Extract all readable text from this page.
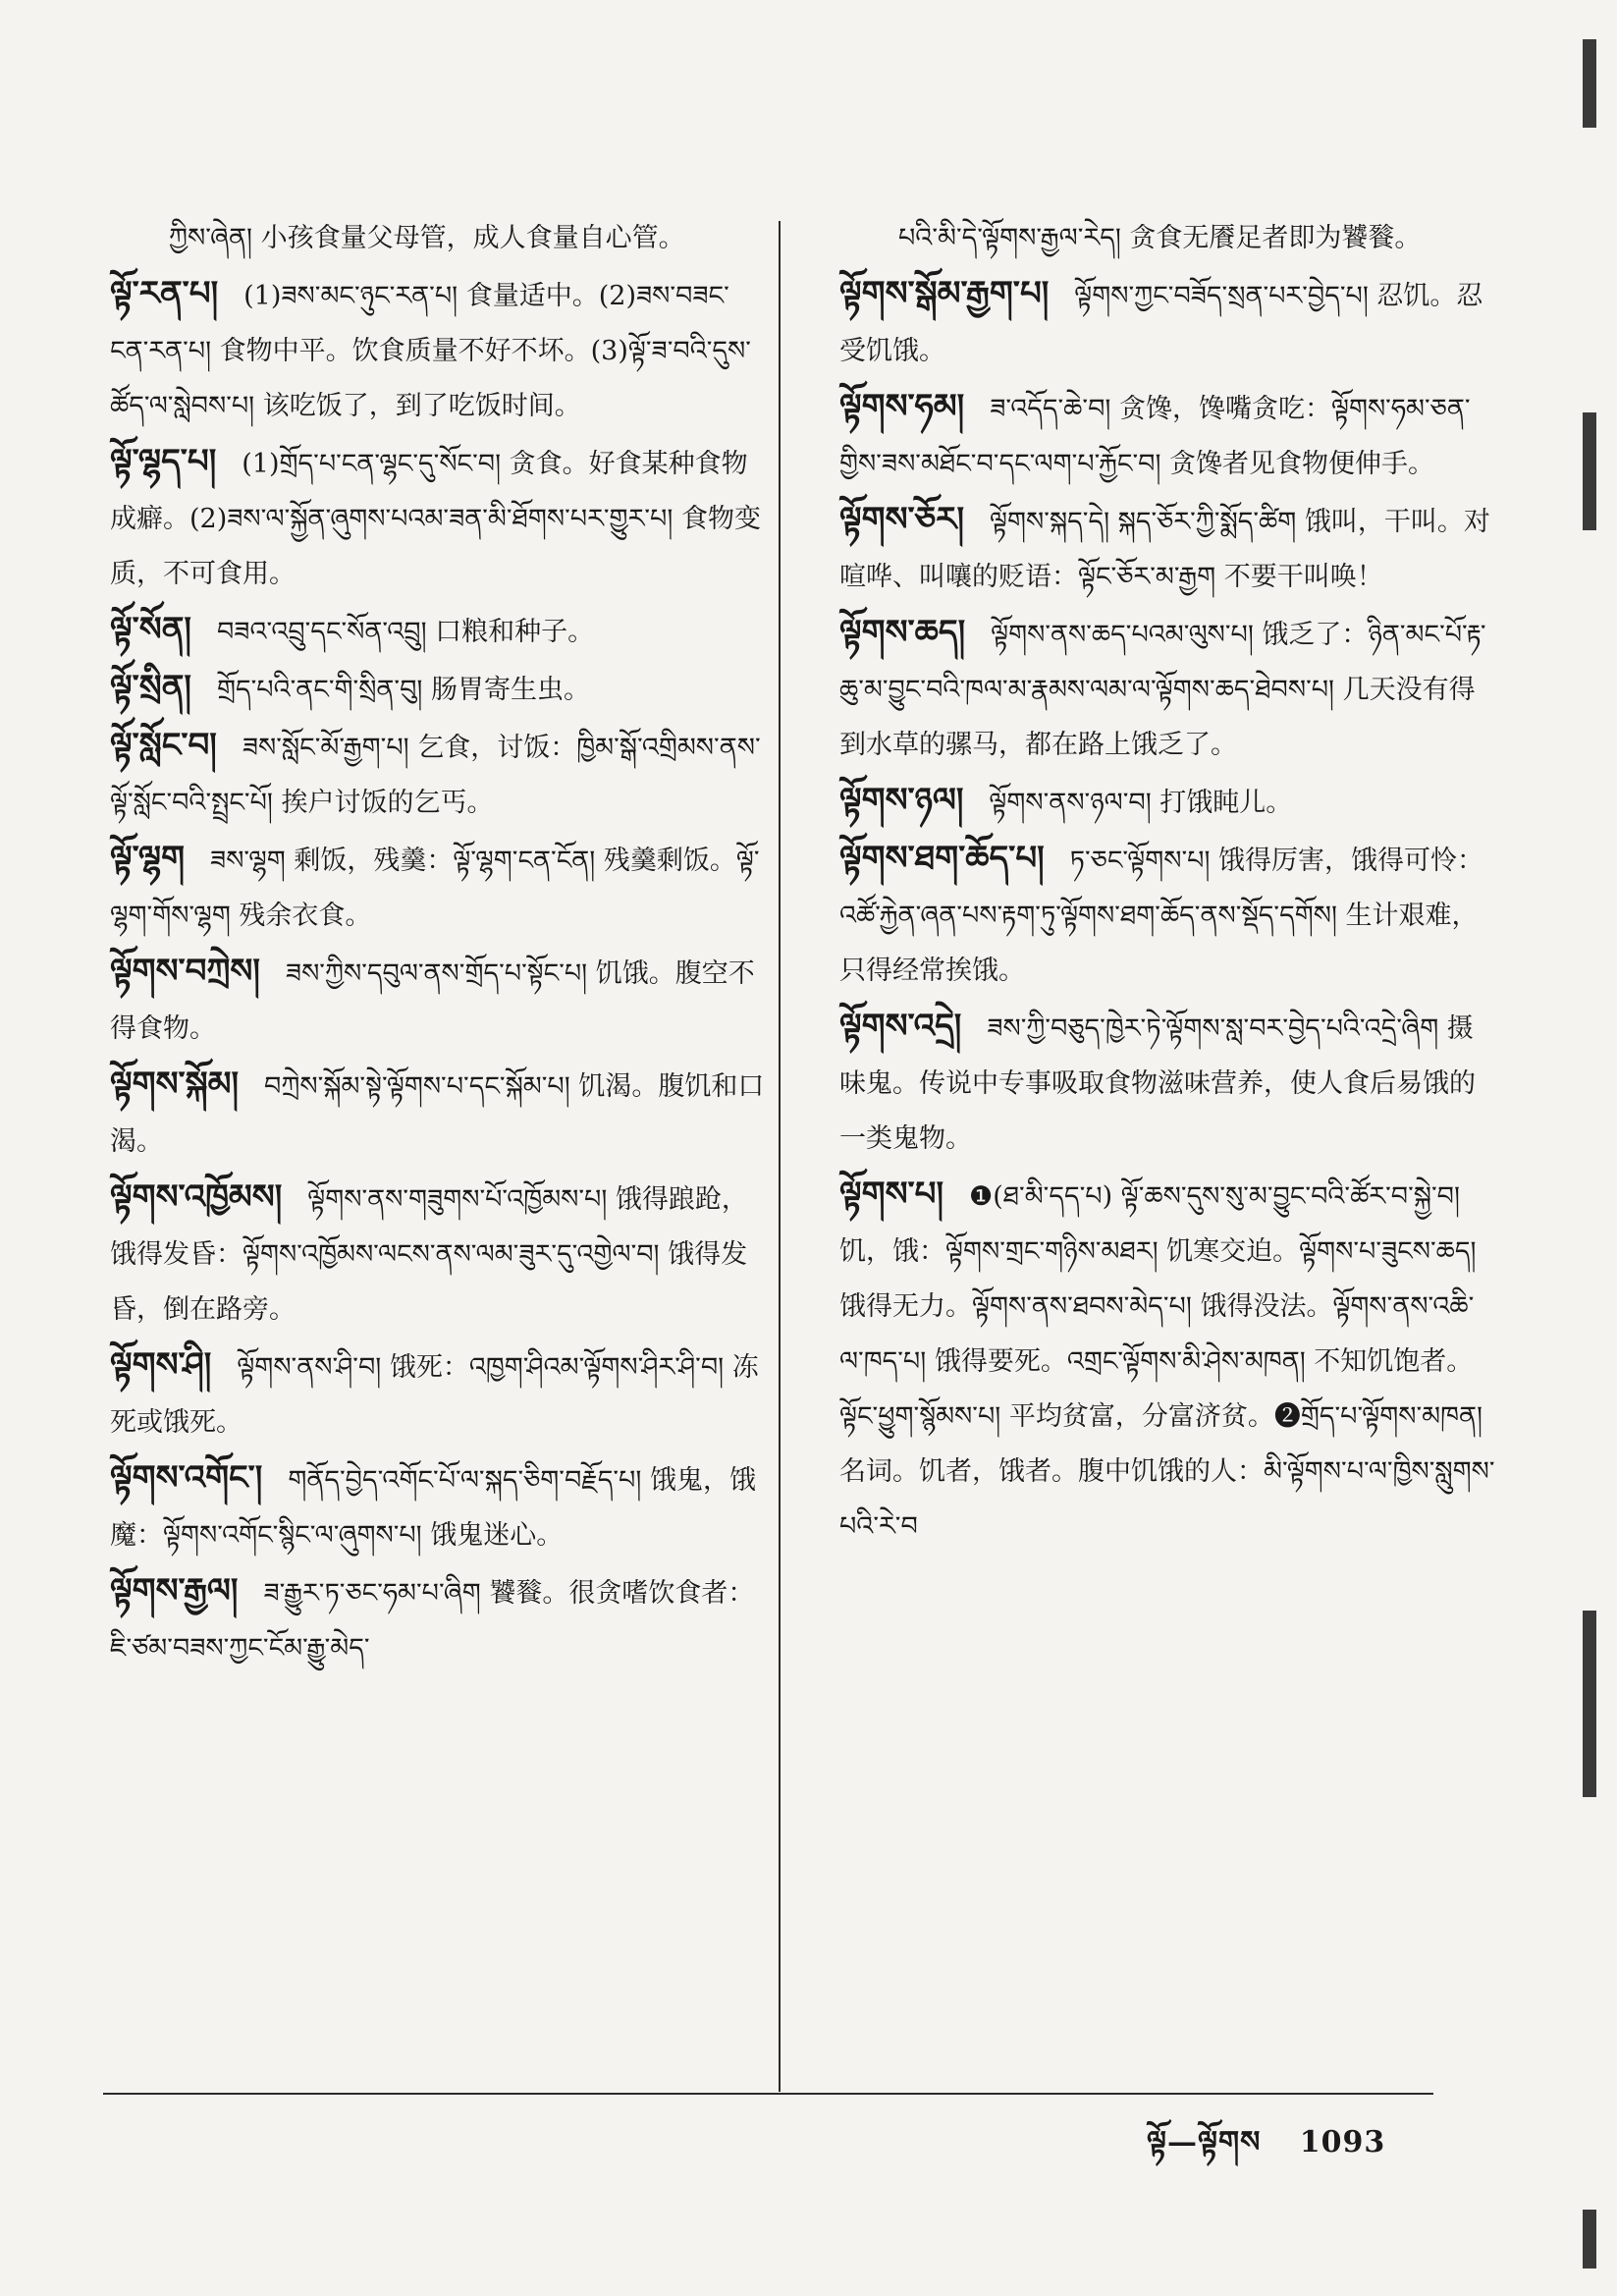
ཀྱིས་ཞེན། 小孩食量父母管，成人食量自心管。

ལྟོ་རན་པ། (1)ཟས་མང་ཉུང་རན་པ། 食量适中。(2)ཟས་བཟང་ངན་རན་པ། 食物中平。饮食质量不好不坏。(3)ལྟོ་ཟ་བའི་དུས་ཚོད་ལ་སླེབས་པ། 该吃饭了，到了吃饭时间。

ལྟོ་ལྷད་པ། (1)གྲོད་པ་ངན་ལྷང་དུ་སོང་བ། 贪食。好食某种食物成癖。(2)ཟས་ལ་སྐྱོན་ཞུགས་པའམ་ཟན་མི་ཐོགས་པར་གྱུར་པ། 食物变质，不可食用。

ལྟོ་སོན། བཟའ་འབྲུ་དང་སོན་འབྲུ། 口粮和种子。

ལྟོ་སྲིན། གྲོད་པའི་ནང་གི་སྲིན་བུ། 肠胃寄生虫。

ལྟོ་སློང་བ། ཟས་སློང་མོ་རྒྱག་པ། 乞食，讨饭：ཁྱིམ་སྒོ་འགྲིམས་ནས་ལྟོ་སློང་བའི་སྤྲང་པོ། 挨户讨饭的乞丐。

ལྟོ་ལྷག ཟས་ལྷག 剩饭，残羹：ལྟོ་ལྷག་ངན་ངོན། 残羹剩饭。ལྟོ་ལྷག་གོས་ལྷག 残余衣食。

ལྟོགས་བཀྲེས། ཟས་ཀྱིས་དབུལ་ནས་གྲོད་པ་སྟོང་པ། 饥饿。腹空不得食物。

ལྟོགས་སྐོམ། བཀྲེས་སྐོམ་སྟེ་ལྟོགས་པ་དང་སྐོམ་པ། 饥渴。腹饥和口渴。

ལྟོགས་འཁྱོམས། ལྟོགས་ནས་གཟུགས་པོ་འཁྱོམས་པ། 饿得踉跄，饿得发昏：ལྟོགས་འཁྱོམས་ལངས་ནས་ལམ་ཟུར་དུ་འགྱེལ་བ། 饿得发昏，倒在路旁。

ལྟོགས་ཤི། ལྟོགས་ནས་ཤི་བ། 饿死：འཁྱག་ཤིའམ་ལྟོགས་ཤིར་ཤི་བ། 冻死或饿死。

ལྟོགས་འགོང་། གནོད་བྱེད་འགོང་པོ་ལ་སྐད་ཅིག་བརྗོད་པ། 饿鬼，饿魔：ལྟོགས་འགོང་སྙིང་ལ་ཞུགས་པ། 饿鬼迷心。

ལྟོགས་རྒྱལ། ཟ་རྒྱུར་ཏ་ཅང་ཧམ་པ་ཞིག 饕餮。很贪嗜饮食者：ཇི་ཙམ་བཟས་ཀྱང་ངོམ་རྒྱུ་མེད་

པའི་མི་དེ་ལྟོགས་རྒྱལ་རེད། 贪食无餍足者即为饕餮。

ལྟོགས་སྒོམ་རྒྱག་པ། ལྟོགས་ཀྱང་བཟོད་སྲན་པར་བྱེད་པ། 忍饥。忍受饥饿。

ལྟོགས་ཧམ། ཟ་འདོད་ཆེ་བ། 贪馋，馋嘴贪吃：ལྟོགས་ཧམ་ཅན་གྱིས་ཟས་མཐོང་བ་དང་ལག་པ་རྐྱོང་བ། 贪馋者见食物便伸手。

ལྟོགས་ཅོར། ལྟོགས་སྐད་དེ། སྐད་ཅོར་ཀྱི་སྨོད་ཚིག 饿叫，干叫。对喧哗、叫嚷的贬语：ལྟོང་ཅོར་མ་རྒྱག 不要干叫唤！

ལྟོགས་ཆད། ལྟོགས་ནས་ཆད་པའམ་ལུས་པ། 饿乏了：ཉིན་མང་པོ་རྟ་ཆུ་མ་བྱུང་བའི་ཁལ་མ་རྣམས་ལམ་ལ་ལྟོགས་ཆད་ཐེབས་པ། 几天没有得到水草的骡马，都在路上饿乏了。

ལྟོགས་ཉལ། ལྟོགས་ནས་ཉལ་བ། 打饿盹儿。

ལྟོགས་ཐག་ཆོད་པ། ཏ་ཅང་ལྟོགས་པ། 饿得厉害，饿得可怜：འཚོ་རྐྱེན་ཞན་པས་རྟག་ཏུ་ལྟོགས་ཐག་ཆོད་ནས་སྡོད་དགོས། 生计艰难，只得经常挨饿。

ལྟོགས་འདྲེ། ཟས་ཀྱི་བཅུད་ཁྱེར་ཏེ་ལྟོགས་སླ་བར་བྱེད་པའི་འདྲེ་ཞིག 摄味鬼。传说中专事吸取食物滋味营养，使人食后易饿的一类鬼物。

ལྟོགས་པ། ❶(ཐ་མི་དད་པ) ལྟོ་ཆས་དུས་སུ་མ་བྱུང་བའི་ཚོར་བ་སྐྱེ་བ། 饥，饿：ལྟོགས་གྲང་གཉིས་མཐར། 饥寒交迫。ལྟོགས་པ་ཟུངས་ཆད། 饿得无力。ལྟོགས་ནས་ཐབས་མེད་པ། 饿得没法。ལྟོགས་ནས་འཆི་ལ་ཁད་པ། 饿得要死。འགྲང་ལྟོགས་མི་ཤེས་མཁན། 不知饥饱者。ལྟོང་ཕྱུག་སྙོམས་པ། 平均贫富，分富济贫。❷གྲོད་པ་ལྟོགས་མཁན། 名词。饥者，饿者。腹中饥饿的人：མི་ལྟོགས་པ་ལ་ཁྱིས་སླུགས་པའི་རེ་བ

ལྟོ—ལྟོགས 1093
